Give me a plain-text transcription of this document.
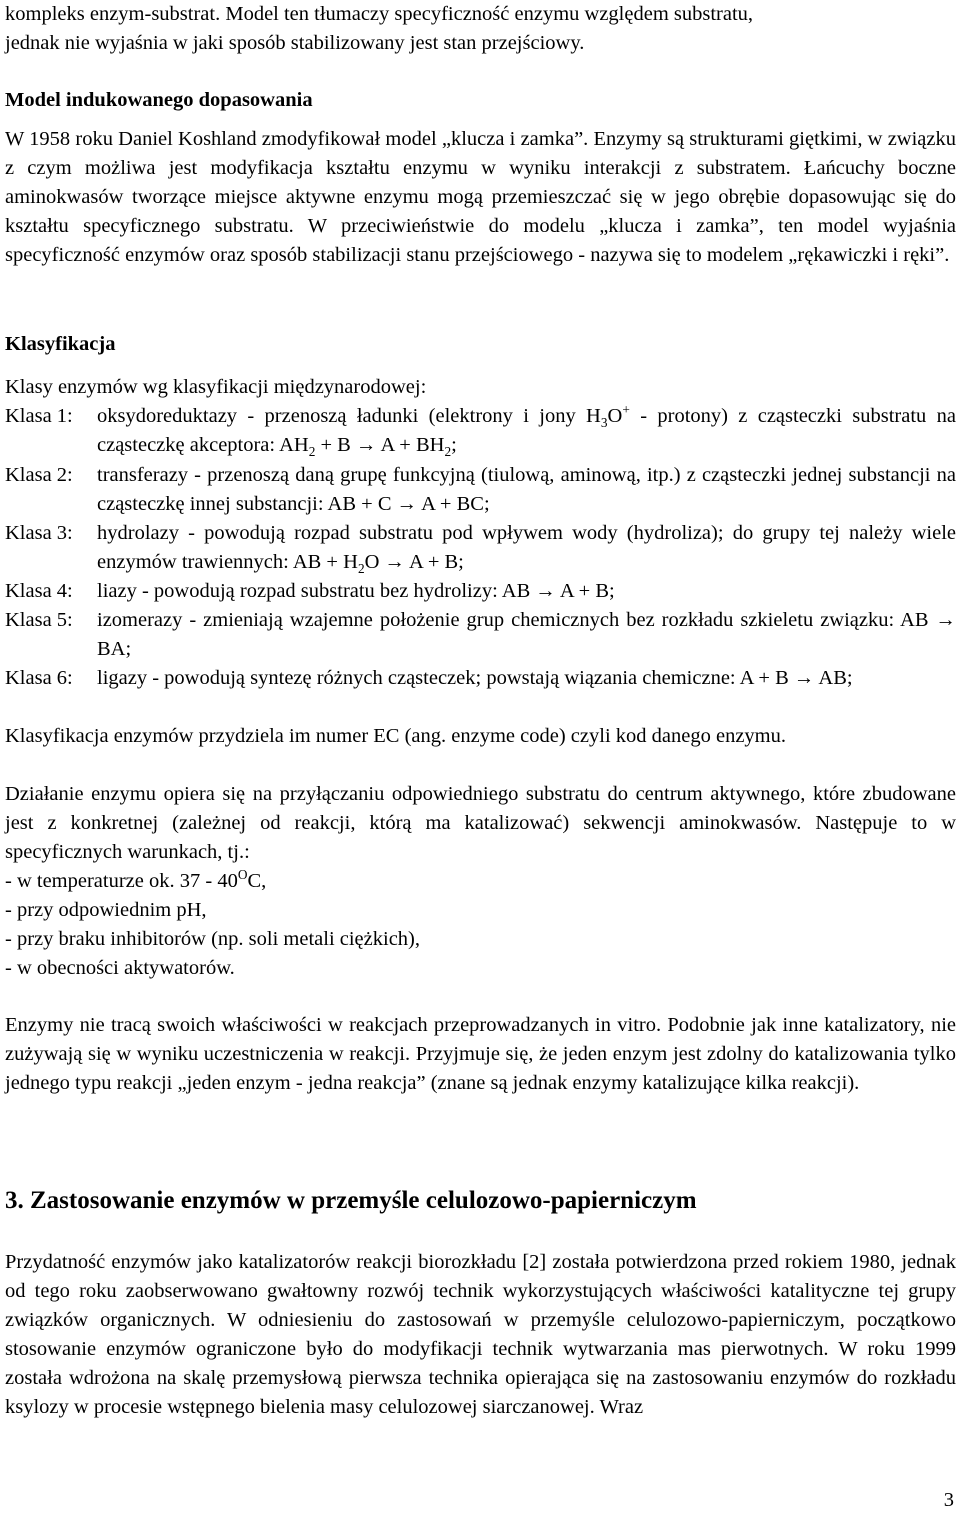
kompleks enzym-substrat. Model ten tłumaczy specyficzność enzymu względem substratu,

jednak nie wyjaśnia w jaki sposób stabilizowany jest stan przejściowy.

Model indukowanego dopasowania

W 1958 roku Daniel Koshland zmodyfikował model „klucza i zamka”. Enzymy są strukturami giętkimi, w związku z czym możliwa jest modyfikacja kształtu enzymu w wyniku interakcji z substratem. Łańcuchy boczne aminokwasów tworzące miejsce aktywne enzymu mogą przemieszczać się w jego obrębie dopasowując się do kształtu specyficznego substratu. W przeciwieństwie do modelu „klucza i zamka”, ten model wyjaśnia specyficzność enzymów oraz sposób stabilizacji stanu przejściowego - nazywa się to modelem „rękawiczki i ręki”.

Klasyfikacja

Klasy enzymów wg klasyfikacji międzynarodowej:

Klasa 1: oksydoreduktazy - przenoszą ładunki (elektrony i jony $H_3O^+$ - protony) z cząsteczki substratu na cząsteczkę akceptora: $AH_2 + B \to A + BH_2$;
Klasa 2: transferazy - przenoszą daną grupę funkcyjną (tiulową, aminową, itp.) z cząsteczki jednej substancji na cząsteczkę innej substancji: AB + C → A + BC;
Klasa 3: hydrolazy - powodują rozpad substratu pod wpływem wody (hydroliza); do grupy tej należy wiele enzymów trawiennych: AB + $H_2O \to A + B$;
Klasa 4: liazy - powodują rozpad substratu bez hydrolizy: AB → A + B;
Klasa 5: izomerazy - zmieniają wzajemne położenie grup chemicznych bez rozkładu szkieletu związku: AB → BA;
Klasa 6: ligazy - powodują syntezę różnych cząsteczek; powstają wiązania chemiczne: A + B → AB;

Klasyfikacja enzymów przydziela im numer EC (ang. enzyme code) czyli kod danego enzymu.

Działanie enzymu opiera się na przyłączaniu odpowiedniego substratu do centrum aktywnego, które zbudowane jest z konkretnej (zależnej od reakcji, którą ma katalizować) sekwencji aminokwasów. Następuje to w specyficznych warunkach, tj.:

- w temperaturze ok. $37 - 40^OC$,

- przy odpowiednim pH,

- przy braku inhibitorów (np. soli metali ciężkich),

- w obecności aktywatorów.

Enzymy nie tracą swoich właściwości w reakcjach przeprowadzanych in vitro. Podobnie jak inne katalizatory, nie zużywają się w wyniku uczestniczenia w reakcji. Przyjmuje się, że jeden enzym jest zdolny do katalizowania tylko jednego typu reakcji „jeden enzym - jedna reakcja” (znane są jednak enzymy katalizujące kilka reakcji).

3. Zastosowanie enzymów w przemyśle celulozowo-papierniczym

Przydatność enzymów jako katalizatorów reakcji biorozkładu [2] została potwierdzona przed rokiem 1980, jednak od tego roku zaobserwowano gwałtowny rozwój technik wykorzystujących właściwości katalityczne tej grupy związków organicznych. W odniesieniu do zastosowań w przemyśle celulozowo-papierniczym, początkowo stosowanie enzymów ograniczone było do modyfikacji technik wytwarzania mas pierwotnych. W roku 1999 została wdrożona na skalę przemysłową pierwsza technika opierająca się na zastosowaniu enzymów do rozkładu ksylozy w procesie wstępnego bielenia masy celulozowej siarczanowej. Wraz

3
